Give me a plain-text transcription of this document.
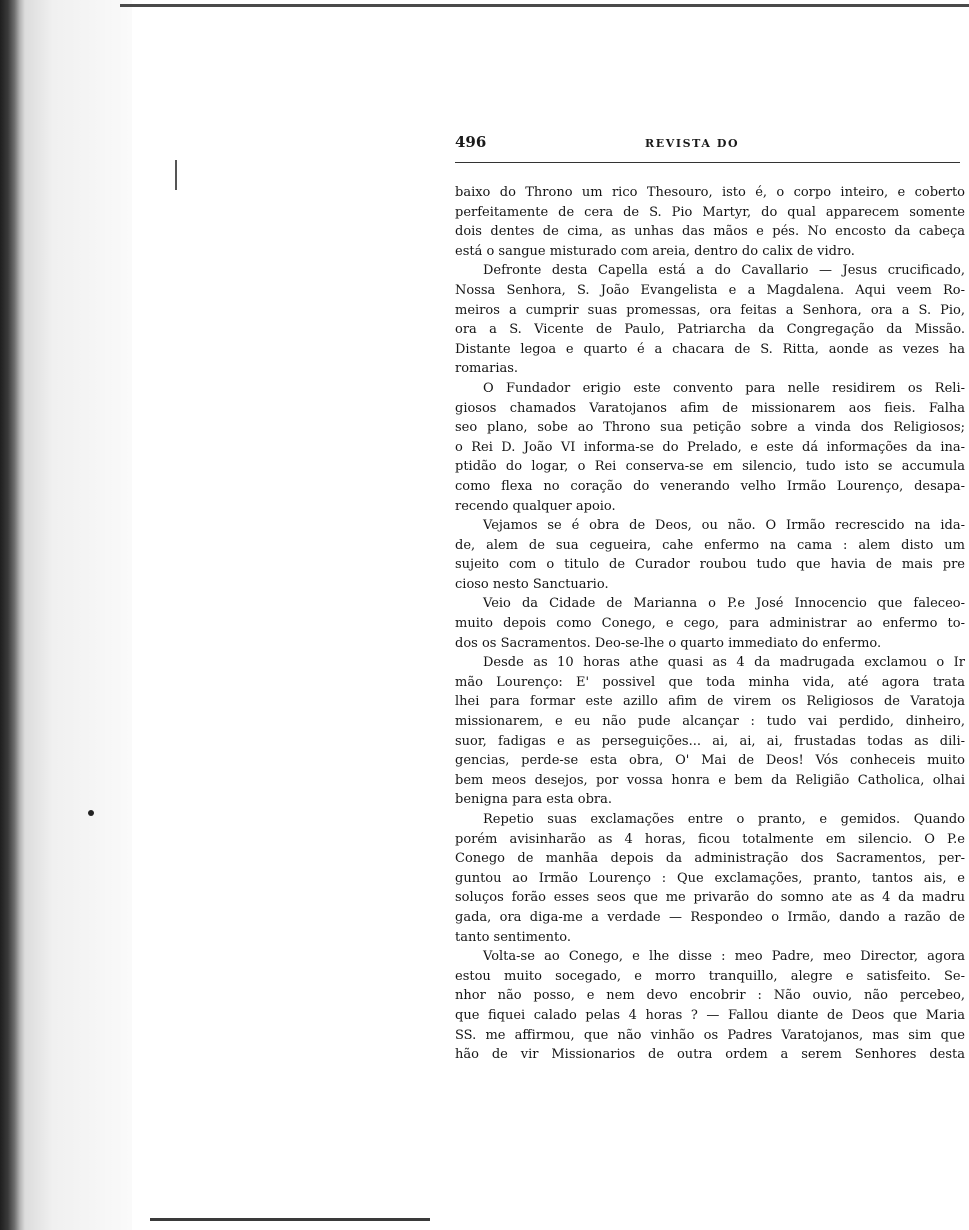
496	REVISTA DO
baixo do Throno um rico Thesouro, isto é, o corpo inteiro, e coberto
perfeitamente de cera de S. Pio Martyr, do qual apparecem somente
dois dentes de cima, as unhas das mãos e pés. No encosto da cabeça
está o sangue misturado com areia, dentro do calix de vidro.
Defronte desta Capella está a do Cavallario — Jesus crucificado,
Nossa Senhora, S. João Evangelista e a Magdalena. Aqui veem Ro-
meiros a cumprir suas promessas, ora feitas a Senhora, ora a S. Pio,
ora a S. Vicente de Paulo, Patriarcha da Congregação da Missão.
Distante legoa e quarto é a chacara de S. Ritta, aonde as vezes ha
romarias.
O Fundador erigio este convento para nelle residirem os Reli-
giosos chamados Varatojanos afim de missionarem aos fieis. Falha
seo plano, sobe ao Throno sua petição sobre a vinda dos Religiosos;
o Rei D. João VI informa-se do Prelado, e este dá informações da ina-
ptidão do logar, o Rei conserva-se em silencio, tudo isto se accumula
como flexa no coração do venerando velho Irmão Lourenço, desapa-
recendo qualquer apoio.
Vejamos se é obra de Deos, ou não. O Irmão recrescido na ida-
de, alem de sua cegueira, cahe enfermo na cama : alem disto um
sujeito com o titulo de Curador roubou tudo que havia de mais pre
cioso nesto Sanctuario.
Veio da Cidade de Marianna o P.e José Innocencio que faleceo-
muito depois como Conego, e cego, para administrar ao enfermo to-
dos os Sacramentos. Deo-se-lhe o quarto immediato do enfermo.
Desde as 10 horas athe quasi as 4 da madrugada exclamou o Ir
mão Lourenço: E' possivel que toda minha vida, até agora trata
lhei para formar este azillo afim de virem os Religiosos de Varatoja
missionarem, e eu não pude alcançar : tudo vai perdido, dinheiro,
suor, fadigas e as perseguições... ai, ai, ai, frustadas todas as dili-
gencias, perde-se esta obra, O' Mai de Deos! Vós conheceis muito
bem meos desejos, por vossa honra e bem da Religião Catholica, olhai
benigna para esta obra.
Repetio suas exclamações entre o pranto, e gemidos. Quando
porém avisinharão as 4 horas, ficou totalmente em silencio. O P.e
Conego de manhãa depois da administração dos Sacramentos, per-
guntou ao Irmão Lourenço : Que exclamações, pranto, tantos ais, e
soluços forão esses seos que me privarão do somno ate as 4 da madru
gada, ora diga-me a verdade — Respondeo o Irmão, dando a razão de
tanto sentimento.
Volta-se ao Conego, e lhe disse : meo Padre, meo Director, agora
estou muito socegado, e morro tranquillo, alegre e satisfeito. Se-
nhor não posso, e nem devo encobrir : Não ouvio, não percebeo,
que fiquei calado pelas 4 horas ? — Fallou diante de Deos que Maria
SS. me affirmou, que não vinhão os Padres Varatojanos, mas sim que
hão de vir Missionarios de outra ordem a serem Senhores desta
